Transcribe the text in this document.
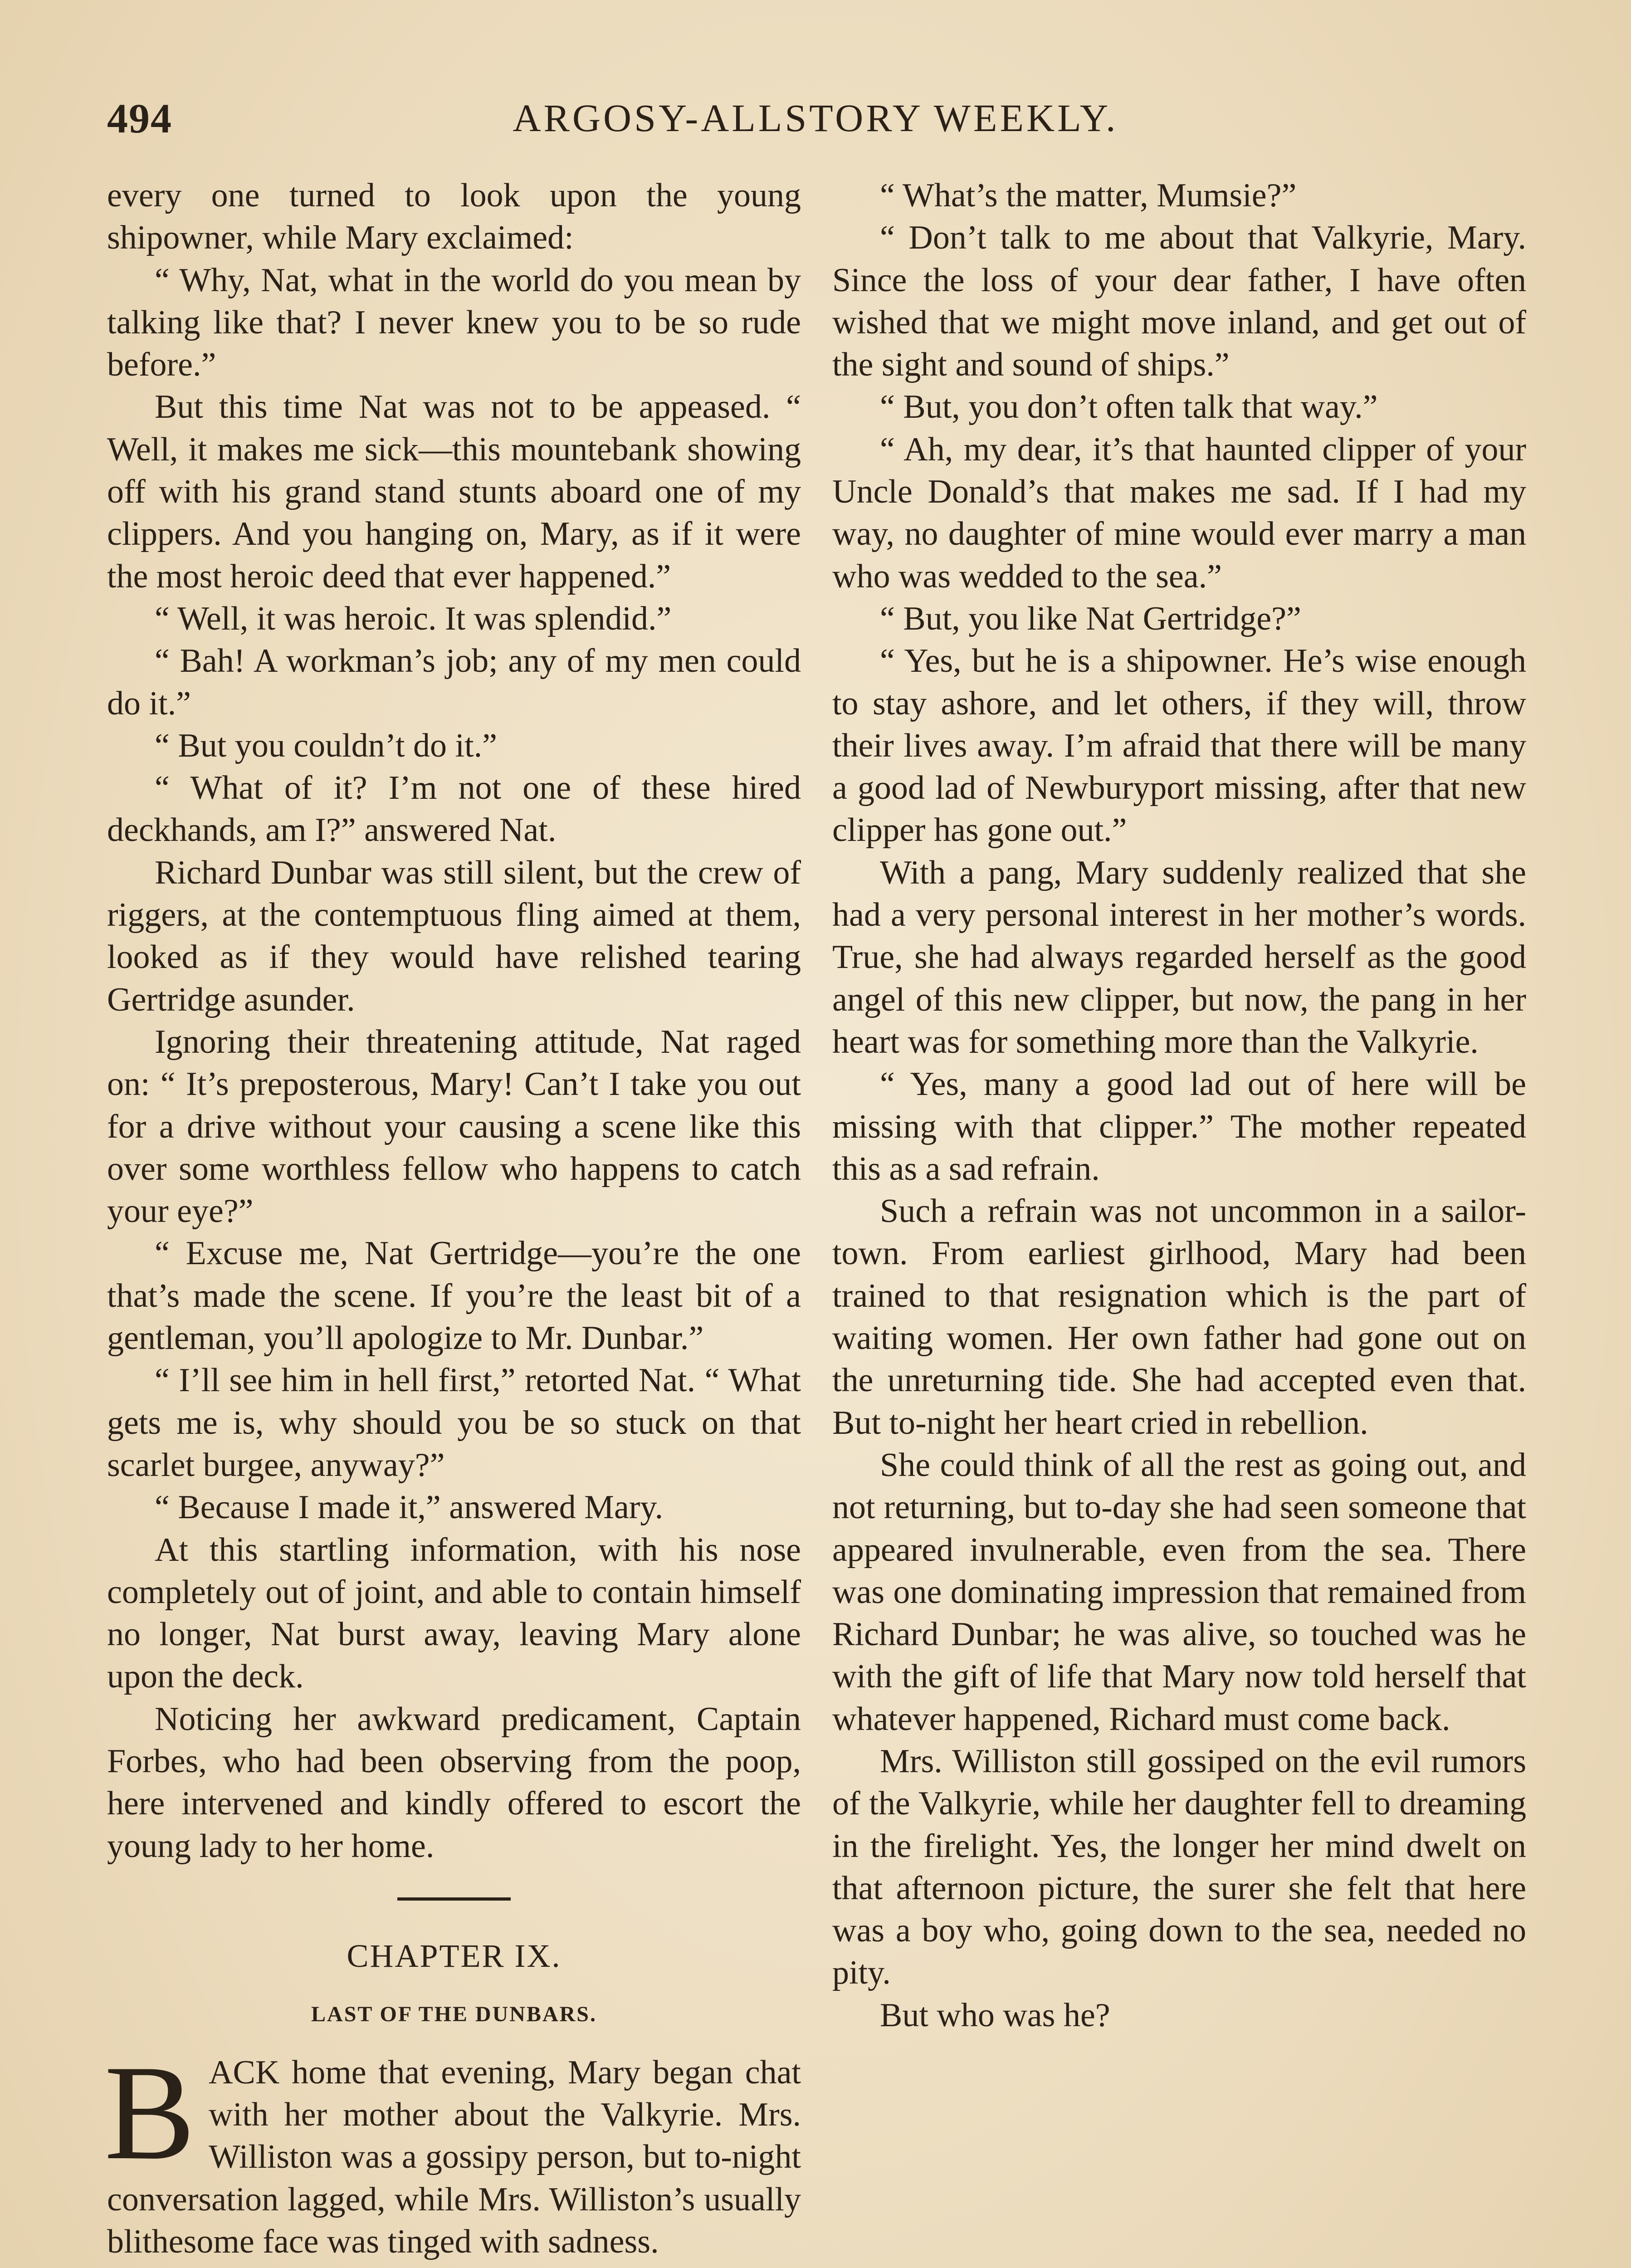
494	ARGOSY-ALLSTORY WEEKLY.

every one turned to look upon the young shipowner, while Mary exclaimed:

“ Why, Nat, what in the world do you mean by talking like that? I never knew you to be so rude before.”

But this time Nat was not to be appeased. “ Well, it makes me sick—this mountebank showing off with his grand stand stunts aboard one of my clippers. And you hanging on, Mary, as if it were the most heroic deed that ever happened.”

“ Well, it was heroic. It was splendid.”

“ Bah! A workman’s job; any of my men could do it.”

“ But you couldn’t do it.”

“ What of it? I’m not one of these hired deckhands, am I?” answered Nat.

Richard Dunbar was still silent, but the crew of riggers, at the contemptuous fling aimed at them, looked as if they would have relished tearing Gertridge asunder.

Ignoring their threatening attitude, Nat raged on: “ It’s preposterous, Mary! Can’t I take you out for a drive without your causing a scene like this over some worthless fellow who happens to catch your eye?”

“ Excuse me, Nat Gertridge—you’re the one that’s made the scene. If you’re the least bit of a gentleman, you’ll apologize to Mr. Dunbar.”

“ I’ll see him in hell first,” retorted Nat. “ What gets me is, why should you be so stuck on that scarlet burgee, anyway?”

“ Because I made it,” answered Mary.

At this startling information, with his nose completely out of joint, and able to contain himself no longer, Nat burst away, leaving Mary alone upon the deck.

Noticing her awkward predicament, Captain Forbes, who had been observing from the poop, here intervened and kindly offered to escort the young lady to her home.

CHAPTER IX.
LAST OF THE DUNBARS.

BACK home that evening, Mary began chat with her mother about the Valkyrie. Mrs. Williston was a gossipy person, but to-night conversation lagged, while Mrs. Williston’s usually blithesome face was tinged with sadness.

“ What’s the matter, Mumsie?”

“ Don’t talk to me about that Valkyrie, Mary. Since the loss of your dear father, I have often wished that we might move inland, and get out of the sight and sound of ships.”

“ But, you don’t often talk that way.”

“ Ah, my dear, it’s that haunted clipper of your Uncle Donald’s that makes me sad. If I had my way, no daughter of mine would ever marry a man who was wedded to the sea.”

“ But, you like Nat Gertridge?”

“ Yes, but he is a shipowner. He’s wise enough to stay ashore, and let others, if they will, throw their lives away. I’m afraid that there will be many a good lad of Newburyport missing, after that new clipper has gone out.”

With a pang, Mary suddenly realized that she had a very personal interest in her mother’s words. True, she had always regarded herself as the good angel of this new clipper, but now, the pang in her heart was for something more than the Valkyrie.

“ Yes, many a good lad out of here will be missing with that clipper.” The mother repeated this as a sad refrain.

Such a refrain was not uncommon in a sailor-town. From earliest girlhood, Mary had been trained to that resignation which is the part of waiting women. Her own father had gone out on the unreturning tide. She had accepted even that. But to-night her heart cried in rebellion.

She could think of all the rest as going out, and not returning, but to-day she had seen someone that appeared invulnerable, even from the sea. There was one dominating impression that remained from Richard Dunbar; he was alive, so touched was he with the gift of life that Mary now told herself that whatever happened, Richard must come back.

Mrs. Williston still gossiped on the evil rumors of the Valkyrie, while her daughter fell to dreaming in the firelight. Yes, the longer her mind dwelt on that afternoon picture, the surer she felt that here was a boy who, going down to the sea, needed no pity.

But who was he?
